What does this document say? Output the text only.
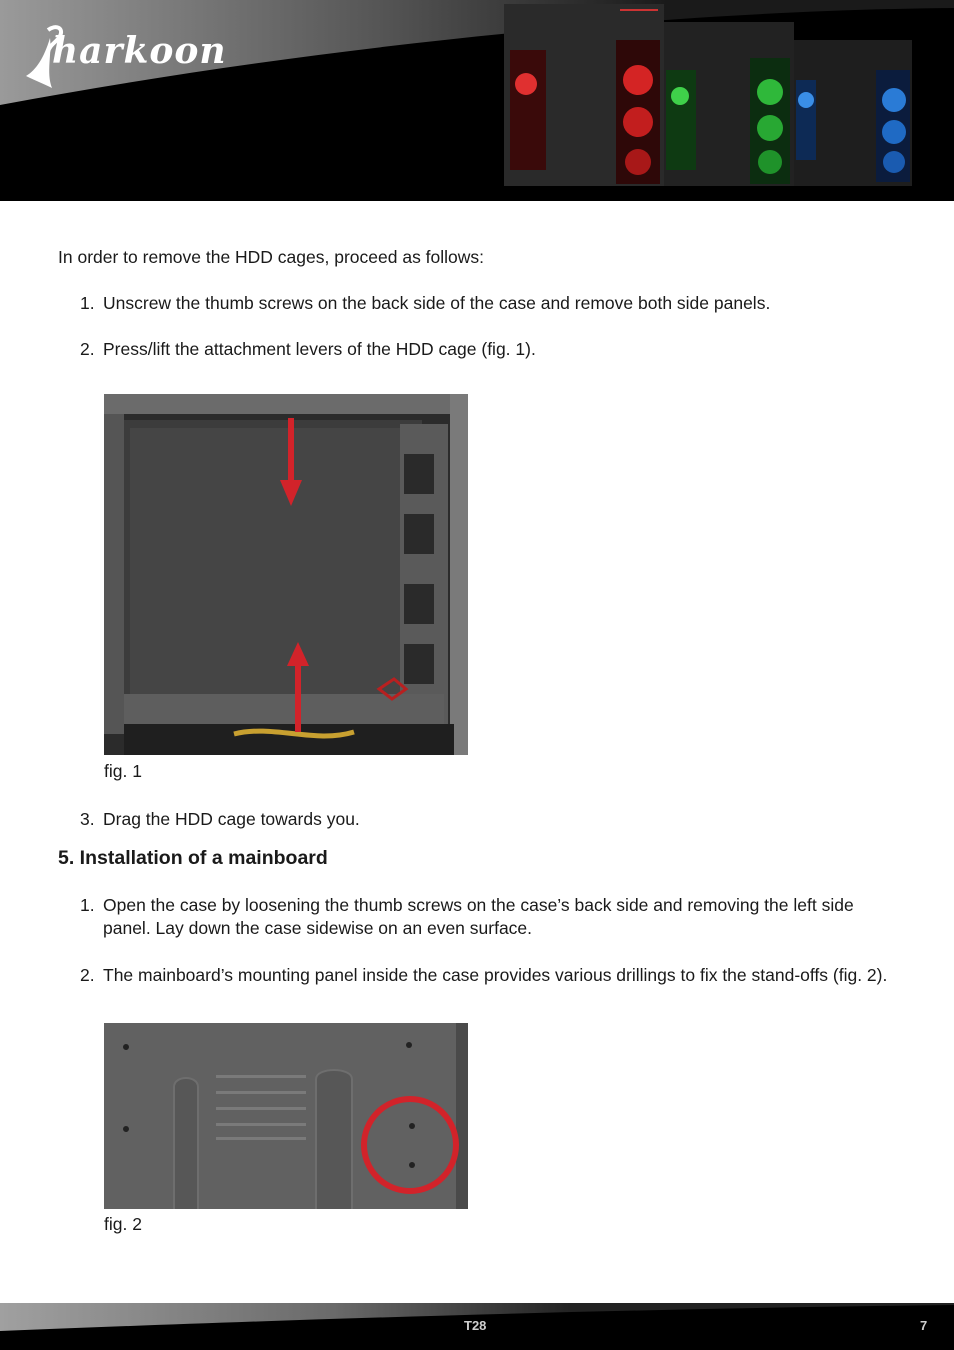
harkoon
In order to remove the HDD cages, proceed as follows:
1. Unscrew the thumb screws on the back side of the case and remove both side panels.
2. Press/lift the attachment levers of the HDD cage (fig. 1).
fig. 1
3. Drag the HDD cage towards you.
5. Installation of a mainboard
1. Open the case by loosening the thumb screws on the case’s back side and removing the left side panel. Lay down the case sidewise on an even surface.
2. The mainboard’s mounting panel inside the case provides various drillings to fix the stand-offs (fig. 2).
fig. 2
T28	7
